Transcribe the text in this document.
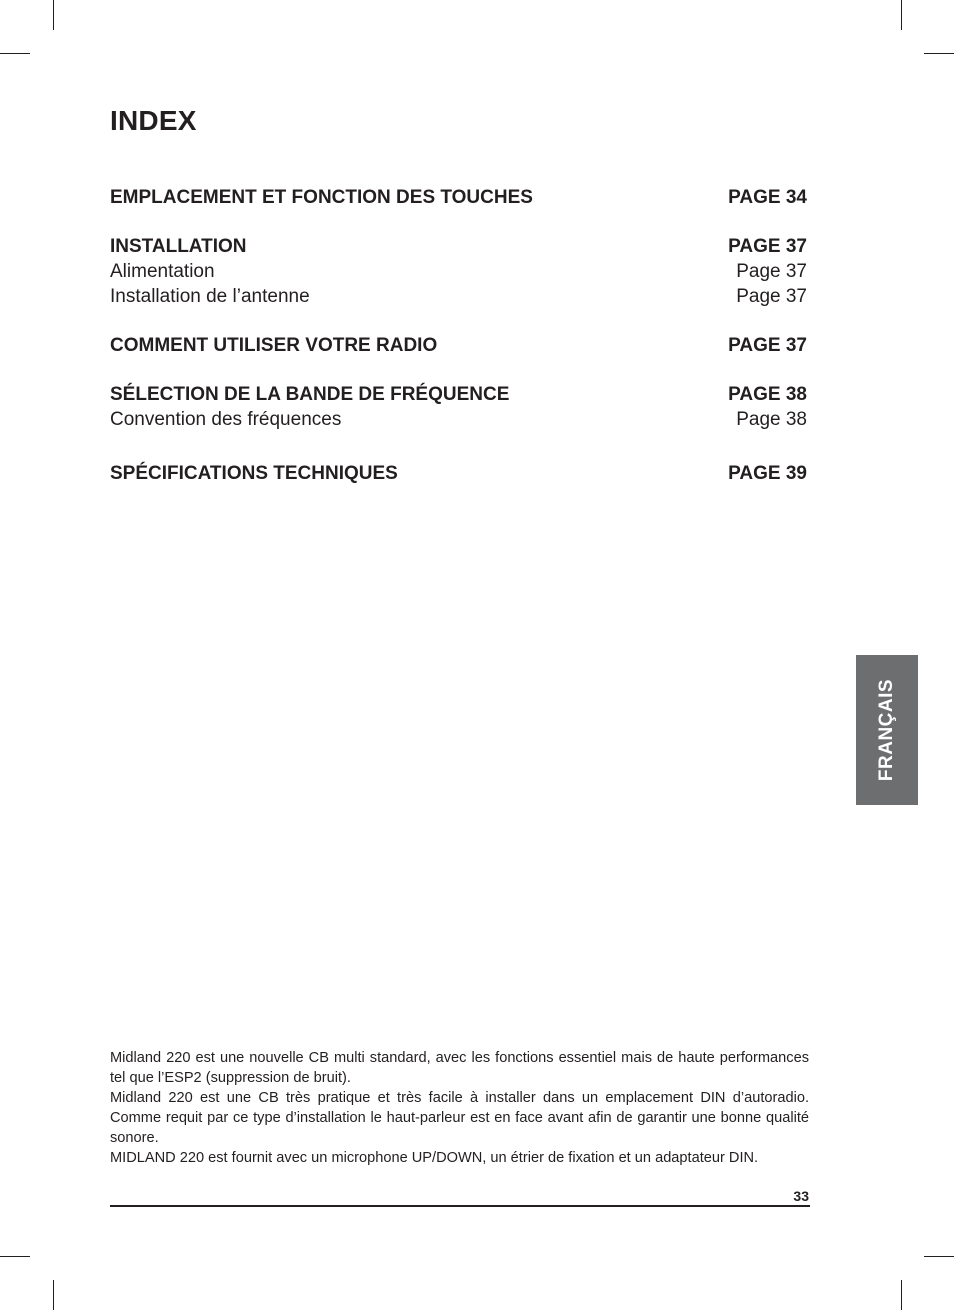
INDEX
EMPLACEMENT ET FONCTION DES TOUCHES	PAGE 34
INSTALLATION	PAGE 37
Alimentation	Page 37
Installation de l’antenne	Page 37
COMMENT UTILISER VOTRE RADIO	PAGE 37
SÉLECTION DE LA BANDE DE FRÉQUENCE	PAGE 38
Convention des fréquences	Page 38
SPÉCIFICATIONS TECHNIQUES	PAGE 39
FRANÇAIS

Midland 220 est une nouvelle CB multi standard, avec les fonctions essentiel mais de haute performances tel que l’ESP2 (suppression de bruit).

Midland 220 est une CB très pratique et très facile à installer dans un emplacement DIN d’autoradio. Comme requit par ce type d’installation le haut-parleur est en face avant afin de garantir une bonne qualité sonore.

MIDLAND 220 est fournit avec un microphone UP/DOWN, un étrier de fixation et un adaptateur DIN.

33
